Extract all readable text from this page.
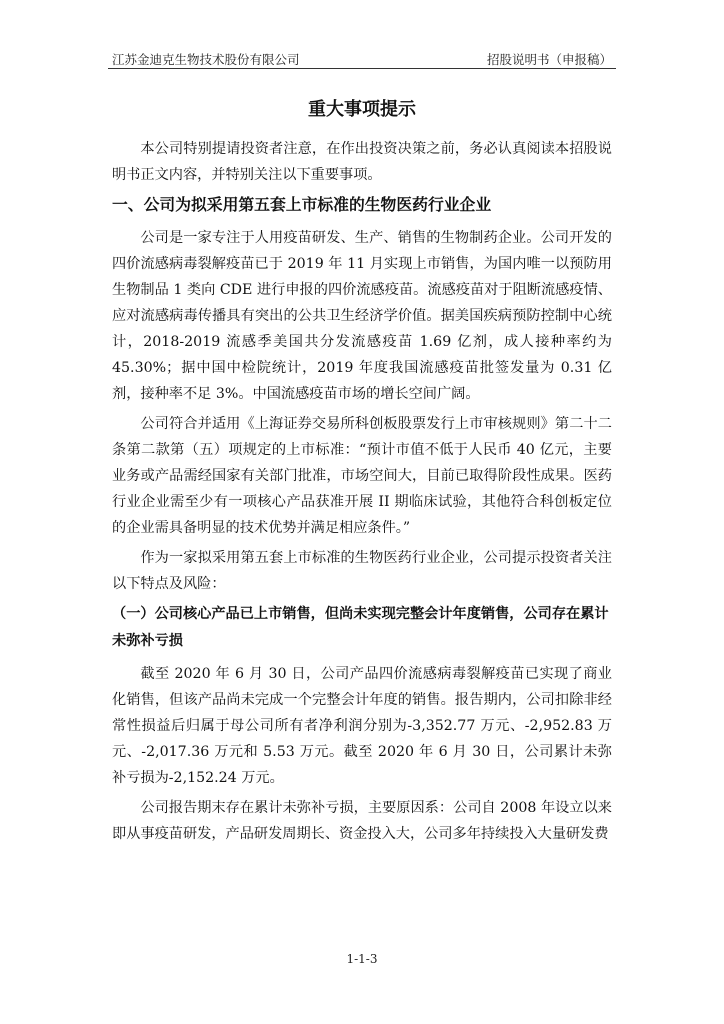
江苏金迪克生物技术股份有限公司	招股说明书（申报稿）
重大事项提示

本公司特别提请投资者注意，在作出投资决策之前，务必认真阅读本招股说明书正文内容，并特别关注以下重要事项。

一、公司为拟采用第五套上市标准的生物医药行业企业

公司是一家专注于人用疫苗研发、生产、销售的生物制药企业。公司开发的四价流感病毒裂解疫苗已于 2019 年 11 月实现上市销售，为国内唯一以预防用生物制品 1 类向 CDE 进行申报的四价流感疫苗。流感疫苗对于阻断流感疫情、应对流感病毒传播具有突出的公共卫生经济学价值。据美国疾病预防控制中心统计，2018-2019 流感季美国共分发流感疫苗 1.69 亿剂，成人接种率约为 45.30%；据中国中检院统计，2019 年度我国流感疫苗批签发量为 0.31 亿剂，接种率不足 3%。中国流感疫苗市场的增长空间广阔。

公司符合并适用《上海证券交易所科创板股票发行上市审核规则》第二十二条第二款第（五）项规定的上市标准：“预计市值不低于人民币 40 亿元，主要业务或产品需经国家有关部门批准，市场空间大，目前已取得阶段性成果。医药行业企业需至少有一项核心产品获准开展 II 期临床试验，其他符合科创板定位的企业需具备明显的技术优势并满足相应条件。”

作为一家拟采用第五套上市标准的生物医药行业企业，公司提示投资者关注以下特点及风险：

（一）公司核心产品已上市销售，但尚未实现完整会计年度销售，公司存在累计未弥补亏损

截至 2020 年 6 月 30 日，公司产品四价流感病毒裂解疫苗已实现了商业化销售，但该产品尚未完成一个完整会计年度的销售。报告期内，公司扣除非经常性损益后归属于母公司所有者净利润分别为-3,352.77 万元、-2,952.83 万元、-2,017.36 万元和 5.53 万元。截至 2020 年 6 月 30 日，公司累计未弥补亏损为-2,152.24 万元。

公司报告期末存在累计未弥补亏损，主要原因系：公司自 2008 年设立以来即从事疫苗研发，产品研发周期长、资金投入大，公司多年持续投入大量研发费

1-1-3
